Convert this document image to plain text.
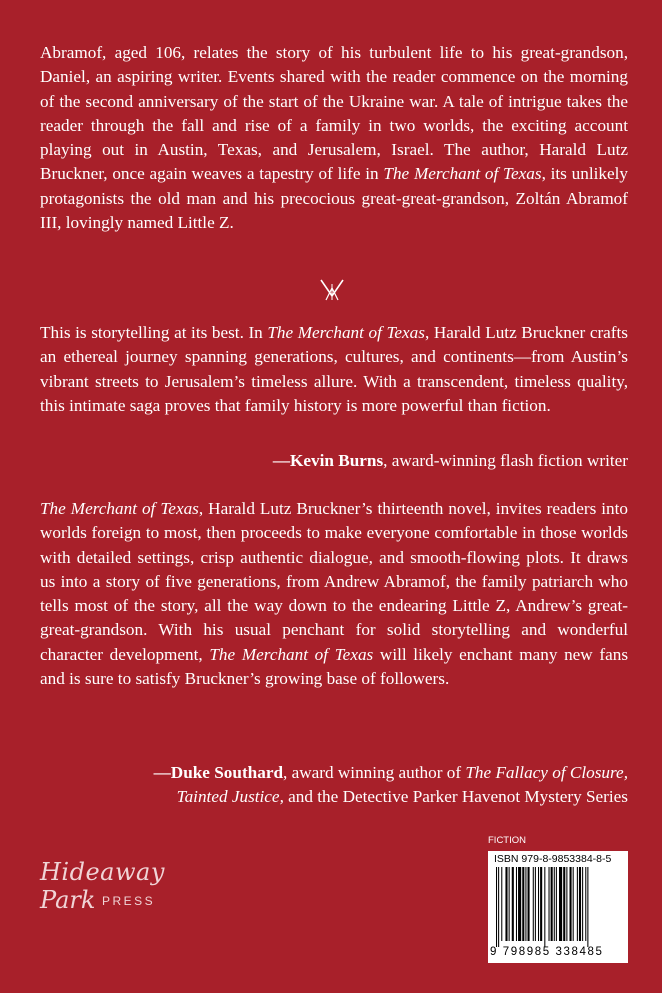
Abramof, aged 106, relates the story of his turbulent life to his great-grandson, Daniel, an aspiring writer. Events shared with the reader commence on the morning of the second anniversary of the start of the Ukraine war. A tale of intrigue takes the reader through the fall and rise of a family in two worlds, the exciting account playing out in Austin, Texas, and Jerusalem, Israel. The author, Harald Lutz Bruckner, once again weaves a tapestry of life in The Merchant of Texas, its unlikely protagonists the old man and his precocious great-great-grandson, Zoltán Abramof III, lovingly named Little Z.

This is storytelling at its best. In The Merchant of Texas, Harald Lutz Bruckner crafts an ethereal journey spanning generations, cultures, and continents—from Austin’s vibrant streets to Jerusalem’s timeless allure. With a transcendent, timeless quality, this intimate saga proves that family history is more powerful than fiction.

—Kevin Burns, award-winning flash fiction writer

The Merchant of Texas, Harald Lutz Bruckner’s thirteenth novel, invites readers into worlds foreign to most, then proceeds to make everyone comfortable in those worlds with detailed settings, crisp authentic dialogue, and smooth-flowing plots. It draws us into a story of five generations, from Andrew Abramof, the family patriarch who tells most of the story, all the way down to the endearing Little Z, Andrew’s great-great-grandson. With his usual penchant for solid storytelling and wonderful character development, The Merchant of Texas will likely enchant many new fans and is sure to satisfy Bruckner’s growing base of followers.

—Duke Southard, award winning author of The Fallacy of Closure,
Tainted Justice, and the Detective Parker Havenot Mystery Series

Hideaway
Park PRESS
FICTION
ISBN 979-8-9853384-8-5
9 798985 338485
